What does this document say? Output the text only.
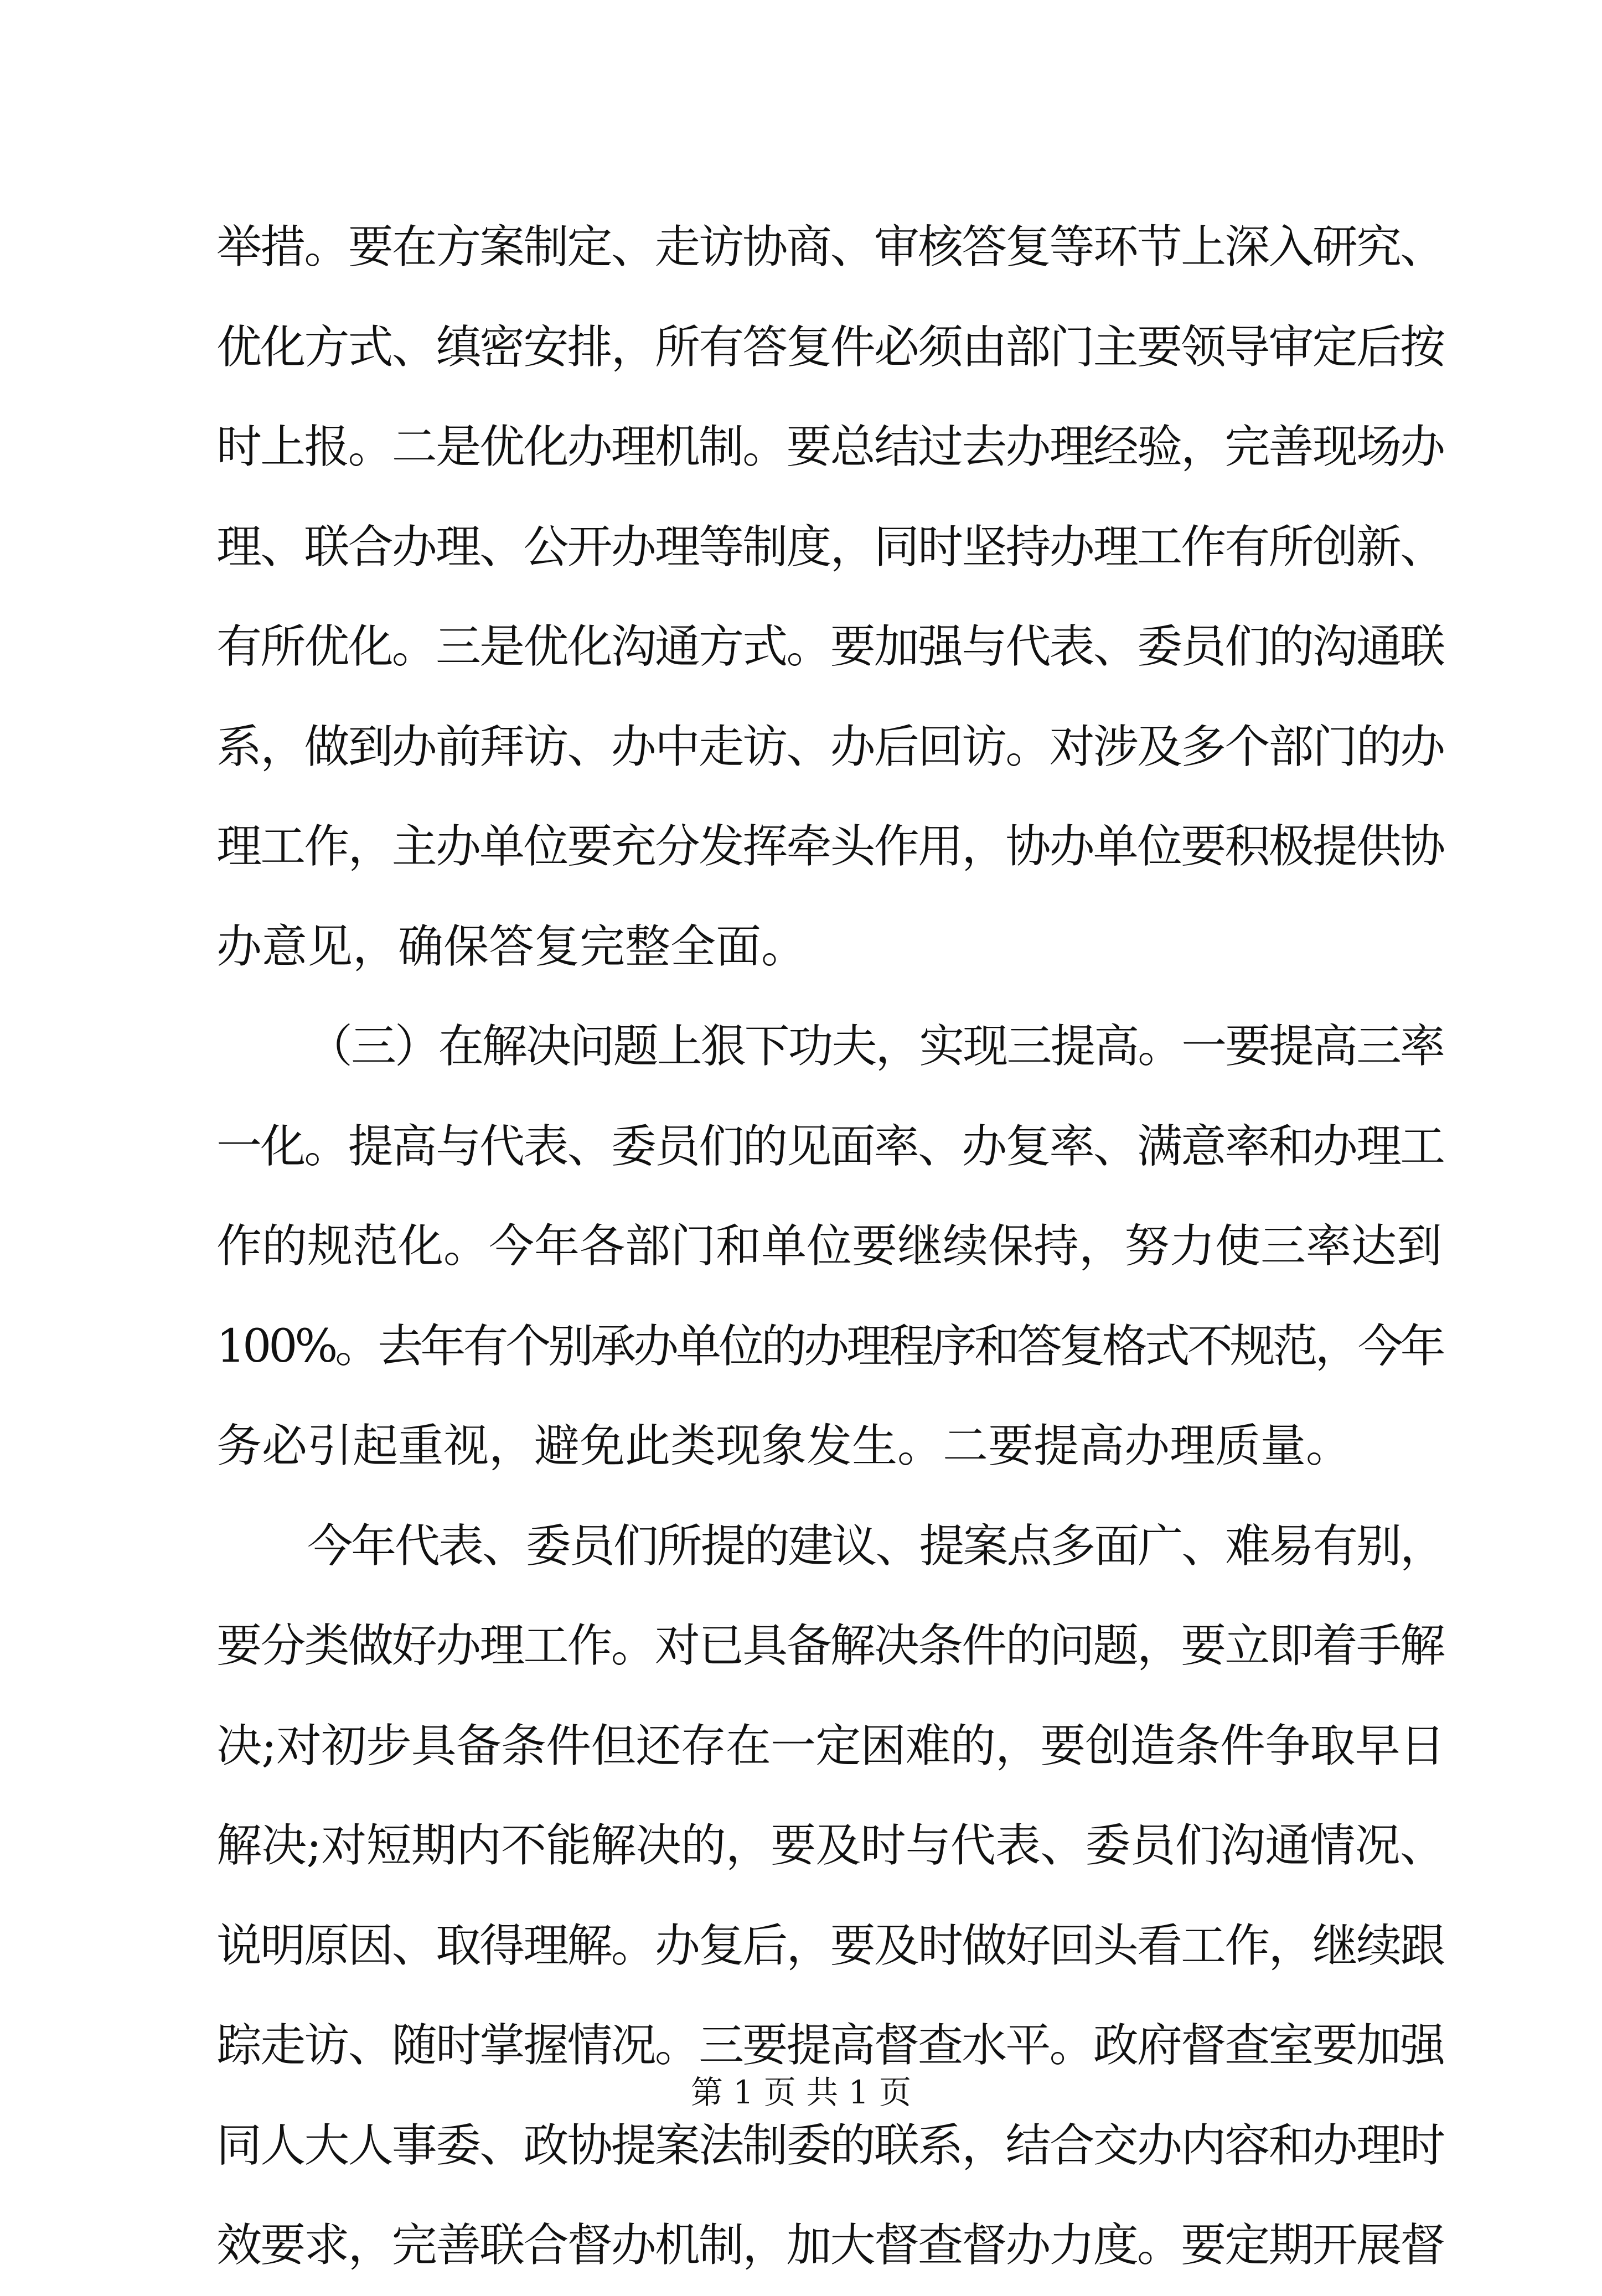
举措。要在方案制定、走访协商、审核答复等环节上深入研究、
优化方式、缜密安排，所有答复件必须由部门主要领导审定后按
时上报。二是优化办理机制。要总结过去办理经验，完善现场办
理、联合办理、公开办理等制度，同时坚持办理工作有所创新、
有所优化。三是优化沟通方式。要加强与代表、委员们的沟通联
系，做到办前拜访、办中走访、办后回访。对涉及多个部门的办
理工作，主办单位要充分发挥牵头作用，协办单位要积极提供协
办意见，确保答复完整全面。
（三）在解决问题上狠下功夫，实现三提高。一要提高三率
一化。提高与代表、委员们的见面率、办复率、满意率和办理工
作的规范化。今年各部门和单位要继续保持，努力使三率达到
100%。去年有个别承办单位的办理程序和答复格式不规范，今年
务必引起重视，避免此类现象发生。二要提高办理质量。
今年代表、委员们所提的建议、提案点多面广、难易有别，
要分类做好办理工作。对已具备解决条件的问题，要立即着手解
决;对初步具备条件但还存在一定困难的，要创造条件争取早日
解决;对短期内不能解决的，要及时与代表、委员们沟通情况、
说明原因、取得理解。办复后，要及时做好回头看工作，继续跟
踪走访、随时掌握情况。三要提高督查水平。政府督查室要加强
同人大人事委、政协提案法制委的联系，结合交办内容和办理时
效要求，完善联合督办机制，加大督查督办力度。要定期开展督
第 1 页 共 1 页
